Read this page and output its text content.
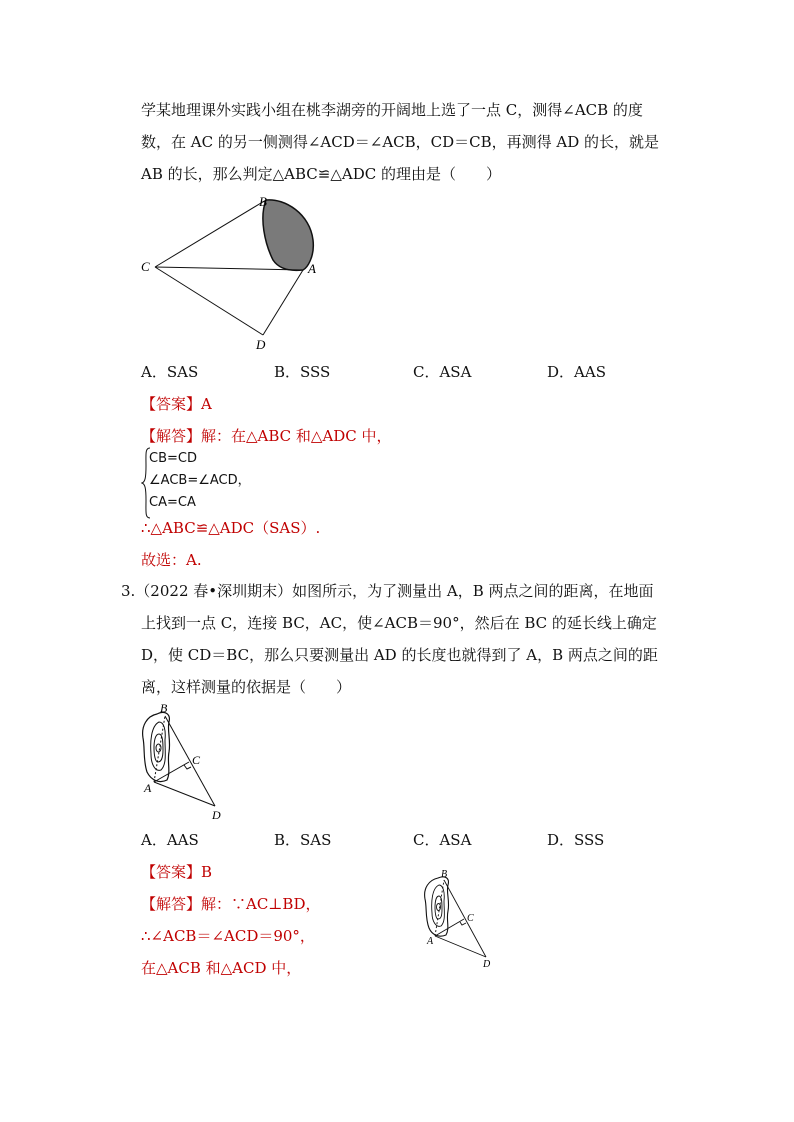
学某地理课外实践小组在桃李湖旁的开阔地上选了一点 C，测得∠ACB 的度
数，在 AC 的另一侧测得∠ACD＝∠ACB，CD＝CB，再测得 AD 的长，就是
AB 的长，那么判定△ABC≌△ADC 的理由是（　　）
B
C	A
D
A．SAS	B．SSS	C．ASA	D．AAS
【答案】A
【解答】解：在△ABC 和△ADC 中，
CB=CD
∠ACB=∠ACD，
CA=CA
∴△ABC≌△ADC（SAS）.
故选：A.
3.（2022 春•深圳期末）如图所示，为了测量出 A，B 两点之间的距离，在地面
上找到一点 C，连接 BC，AC，使∠ACB＝90°，然后在 BC 的延长线上确定
D，使 CD＝BC，那么只要测量出 AD 的长度也就得到了 A，B 两点之间的距
离，这样测量的依据是（　　）
B
C
A
D
A．AAS	B．SAS	C．ASA	D．SSS
【答案】B
【解答】解：∵AC⊥BD，
∴∠ACB＝∠ACD＝90°，
在△ACB 和△ACD 中，
B
C
A
D
